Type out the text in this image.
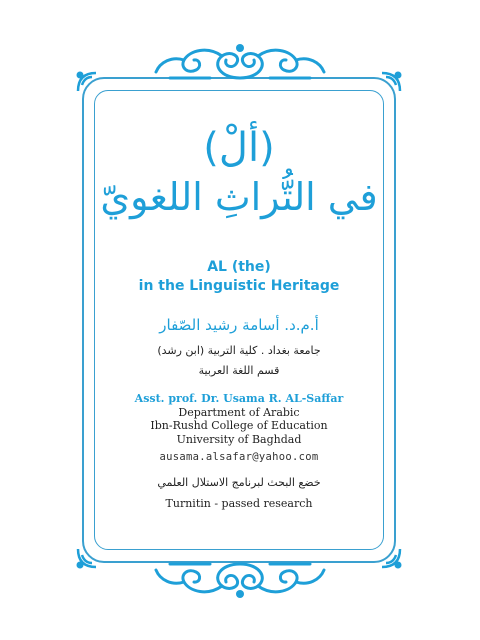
(ألْ)
في التُّراثِ اللغويّ
AL (the)
in the Linguistic Heritage
أ.م.د. أسامة رشيد الصّفار
جامعة بغداد . كلية التربية (ابن رشد)
قسم اللغة العربية
Asst. prof. Dr. Usama R. AL-Saffar
Department of Arabic
Ibn-Rushd College of Education
University of Baghdad
ausama.alsafar@yahoo.com
خضع البحث لبرنامج الاستلال العلمي
Turnitin - passed research
